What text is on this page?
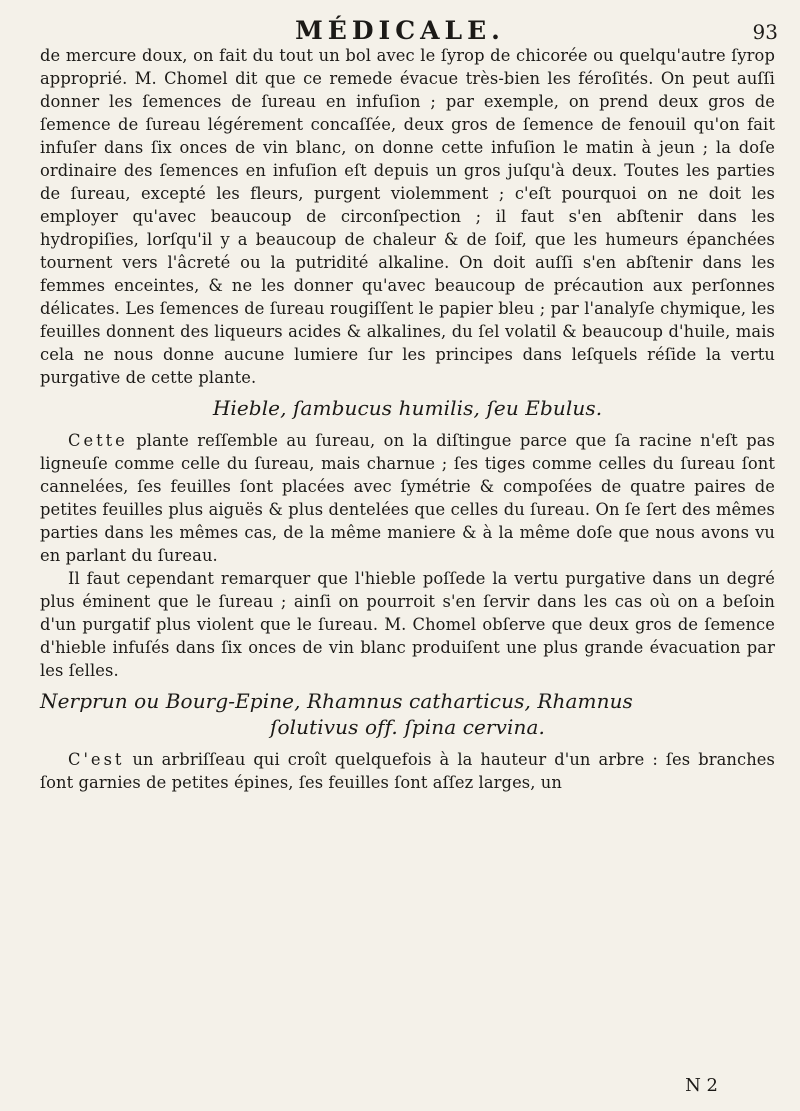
MÉDICALE.	93

de mercure doux, on fait du tout un bol avec le ſyrop de chicorée ou quelqu'autre ſyrop approprié. M. Chomel dit que ce remede évacue très-bien les féroſités. On peut auſſi donner les ſemences de ſureau en infuſion ; par exemple, on prend deux gros de ſemence de ſureau légérement concaſſée, deux gros de ſemence de fenouil qu'on fait infuſer dans ſix onces de vin blanc, on donne cette infuſion le matin à jeun ; la doſe ordinaire des ſemences en infuſion eſt depuis un gros juſqu'à deux. Toutes les parties de ſureau, excepté les fleurs, purgent violemment ; c'eſt pourquoi on ne doit les employer qu'avec beaucoup de circonſpection ; il faut s'en abſtenir dans les hydropiſies, lorſqu'il y a beaucoup de chaleur & de ſoif, que les humeurs épanchées tournent vers l'âcreté ou la putridité alkaline. On doit auſſi s'en abſtenir dans les femmes enceintes, & ne les donner qu'avec beaucoup de précaution aux perſonnes délicates. Les ſemences de ſureau rougiſſent le papier bleu ; par l'analyſe chymique, les feuilles donnent des liqueurs acides & alkalines, du ſel volatil & beaucoup d'huile, mais cela ne nous donne aucune lumiere ſur les principes dans leſquels réſide la vertu purgative de cette plante.

Hieble, ſambucus humilis, ſeu Ebulus.

Cette plante reſſemble au ſureau, on la diſtingue parce que ſa racine n'eſt pas ligneuſe comme celle du ſureau, mais charnue ; ſes tiges comme celles du ſureau ſont cannelées, ſes feuilles ſont placées avec ſymétrie & compoſées de quatre paires de petites feuilles plus aiguës & plus dentelées que celles du ſureau. On ſe ſert des mêmes parties dans les mêmes cas, de la même maniere & à la même doſe que nous avons vu en parlant du ſureau.

Il faut cependant remarquer que l'hieble poſſede la vertu purgative dans un degré plus éminent que le ſureau ; ainſi on pourroit s'en ſervir dans les cas où on a beſoin d'un purgatif plus violent que le ſureau. M. Chomel obſerve que deux gros de ſemence d'hieble infuſés dans ſix onces de vin blanc produiſent une plus grande évacuation par les ſelles.

Nerprun ou Bourg-Epine, Rhamnus catharticus, Rhamnus
ſolutivus off. ſpina cervina.

C'est un arbriſſeau qui croît quelquefois à la hauteur d'un arbre : ſes branches ſont garnies de petites épines, ſes feuilles ſont aſſez larges, un

N 2
